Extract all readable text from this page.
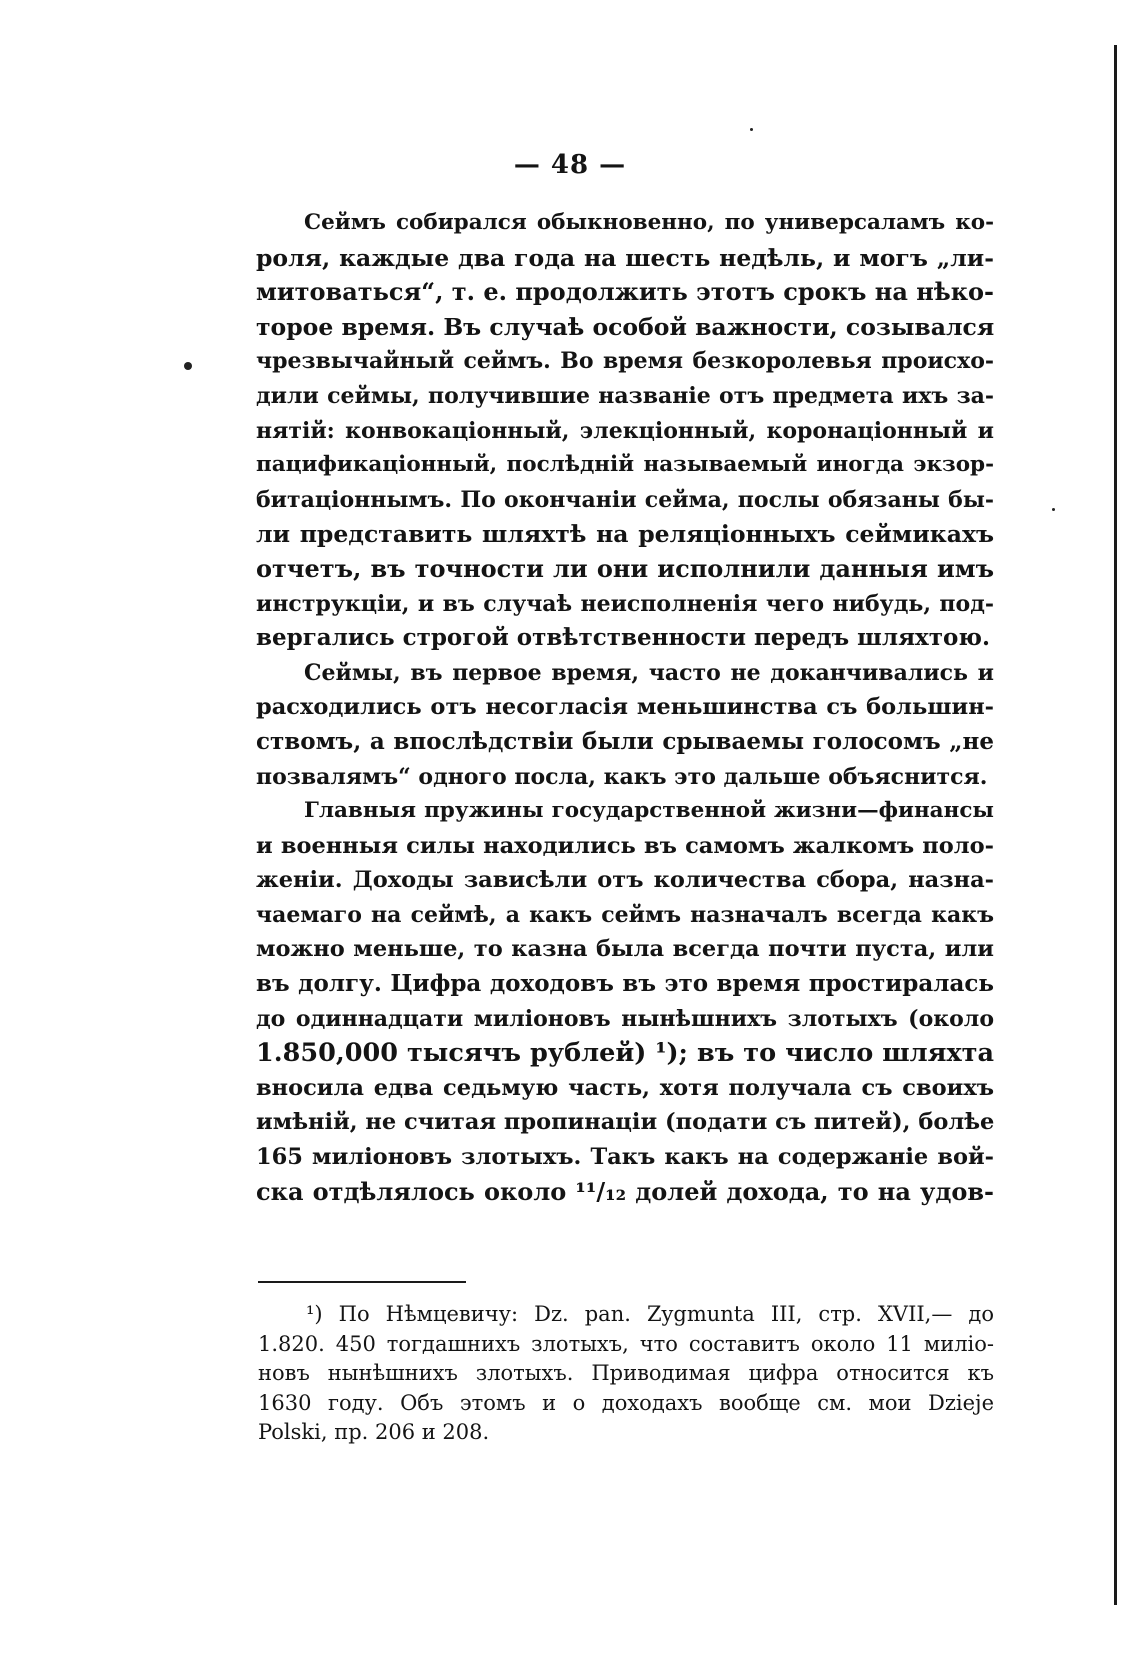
— 48 —
Сеймъ собирался обыкновенно, по универсаламъ ко-
роля, каждые два года на шесть недѣль, и могъ „ли-
митоваться“, т. е. продолжить этотъ срокъ на нѣко-
торое время. Въ случаѣ особой важности, созывался
чрезвычайный сеймъ. Во время безкоролевья происхо-
дили сеймы, получившие названіе отъ предмета ихъ за-
нятій: конвокаціонный, элекціонный, коронаціонный и
пацификаціонный, послѣдній называемый иногда экзор-
битаціоннымъ. По окончаніи сейма, послы обязаны бы-
ли представить шляхтѣ на реляціонныхъ сеймикахъ
отчетъ, въ точности ли они исполнили данныя имъ
инструкціи, и въ случаѣ неисполненія чего нибудь, под-
вергались строгой отвѣтственности передъ шляхтою.
Сеймы, въ первое время, часто не доканчивались и
расходились отъ несогласія меньшинства съ большин-
ствомъ, а впослѣдствіи были срываемы голосомъ „не
позвалямъ“ одного посла, какъ это дальше объяснится.
Главныя пружины государственной жизни—финансы
и военныя силы находились въ самомъ жалкомъ поло-
женіи. Доходы зависѣли отъ количества сбора, назна-
чаемаго на сеймѣ, а какъ сеймъ назначалъ всегда какъ
можно меньше, то казна была всегда почти пуста, или
въ долгу. Цифра доходовъ въ это время простиралась
до одиннадцати миліоновъ нынѣшнихъ злотыхъ (около
1.850,000 тысячъ рублей) ¹); въ то число шляхта
вносила едва седьмую часть, хотя получала съ своихъ
имѣній, не считая пропинаціи (подати съ питей), болѣе
165 миліоновъ злотыхъ. Такъ какъ на содержаніе вой-
ска отдѣлялось около ¹¹/₁₂ долей дохода, то на удов-
¹) По Нѣмцевичу: Dz. pan. Zygmunta III, стр. XVII,— до
1.820. 450 тогдашнихъ злотыхъ, что составитъ около 11 миліо-
новъ нынѣшнихъ злотыхъ. Приводимая цифра относится къ
1630 году. Объ этомъ и о доходахъ вообще см. мои Dzieje
Polski, пр. 206 и 208.
